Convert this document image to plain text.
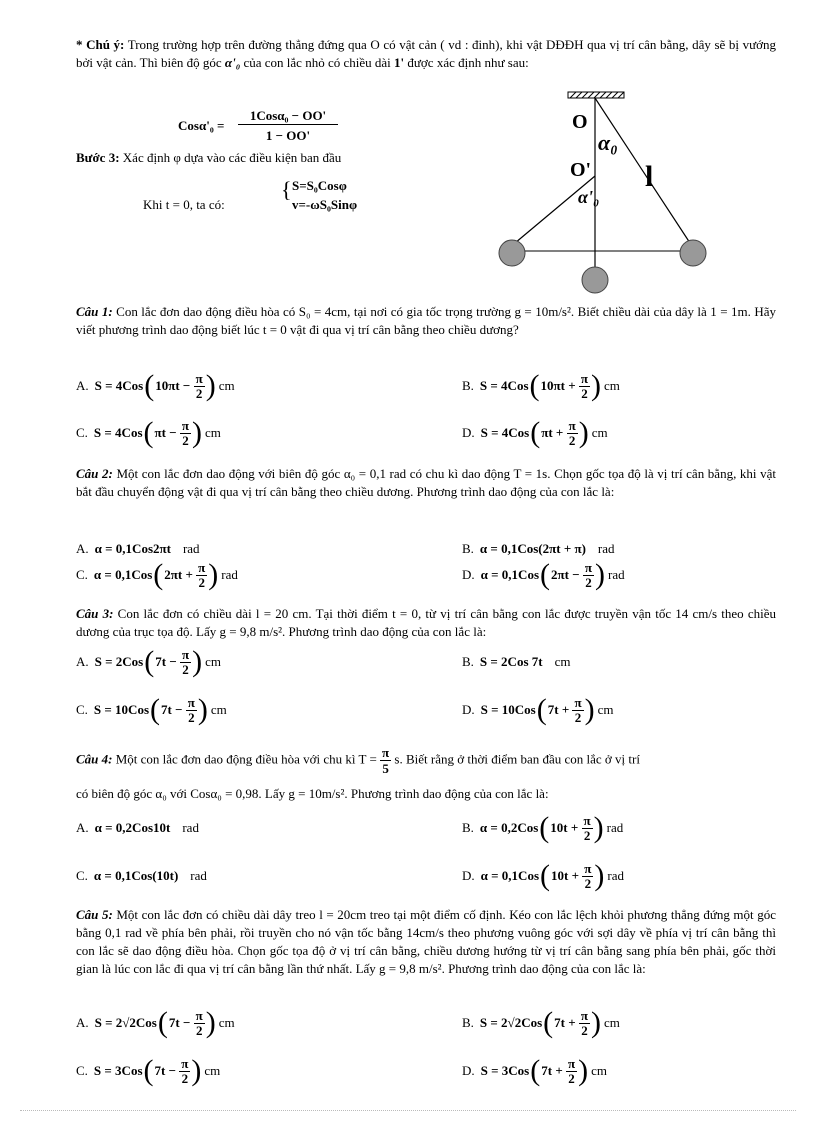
* Chú ý: Trong trường hợp trên đường thẳng đứng qua O có vật cản ( vd : đinh), khi vật DĐĐH qua vị trí cân bằng, dây sẽ bị vướng bởi vật cản. Thì biên độ góc α'₀ của con lắc nhỏ có chiều dài 1' được xác định như sau:
Cosα'₀ =
1Cosα₀ − OO'
1 − OO'
Bước 3: Xác định φ dựa vào các điều kiện ban đầu
Khi t = 0, ta có:
{ S=S₀Cosφ
v=-ωS₀Sinφ
O
O'
α₀
α'₀
l
Câu 1: Con lắc đơn dao động điều hòa có S₀ = 4cm, tại nơi có gia tốc trọng trường g = 10m/s². Biết chiều dài của dây là 1 = 1m. Hãy viết phương trình dao động biết lúc t = 0 vật đi qua vị trí cân bằng theo chiều dương?
Câu 2: Một con lắc đơn dao động với biên độ góc α₀ = 0,1 rad có chu kì dao động T = 1s. Chọn gốc tọa độ là vị trí cân bằng, khi vật bắt đầu chuyển động vật đi qua vị trí cân bằng theo chiều dương. Phương trình dao động của con lắc là:
Câu 3: Con lắc đơn có chiều dài l = 20 cm. Tại thời điểm t = 0, từ vị trí cân bằng con lắc được truyền vận tốc 14 cm/s theo chiều dương của trục tọa độ. Lấy g = 9,8 m/s². Phương trình dao động của con lắc là:
Câu 4: Một con lắc đơn dao động điều hòa với chu kì $T = \frac{\pi}{5} s$. Biết rằng ở thời điểm ban đầu con lắc ở vị trí
có biên độ góc α₀ với Cosα₀ = 0,98. Lấy g = 10m/s². Phương trình dao động của con lắc là:
Câu 5: Một con lắc đơn có chiều dài dây treo l = 20cm treo tại một điểm cố định. Kéo con lắc lệch khỏi phương thẳng đứng một góc bằng 0,1 rad về phía bên phải, rồi truyền cho nó vận tốc bằng 14cm/s theo phương vuông góc với sợi dây về phía vị trí cân bằng thì con lắc sẽ dao động điều hòa. Chọn gốc tọa độ ở vị trí cân bằng, chiều dương hướng từ vị trí cân bằng sang phía bên phải, gốc thời gian là lúc con lắc đi qua vị trí cân bằng lần thứ nhất. Lấy g = 9,8 m/s². Phương trình dao động của con lắc là:
A. S = 4Cos ( $10\pi t - \frac{\pi}{2}$ ) cm	B. S = 4Cos ( $10\pi t + \frac{\pi}{2}$ ) cm
C. S = 4Cos ( $\pi t - \frac{\pi}{2}$ ) cm	D. S = 4Cos ( $\pi t + \frac{\pi}{2}$ ) cm
A. α = 0,1Cos2πt rad	B. α = 0,1Cos(2πt + π) rad
C. α = 0,1Cos ( $2\pi t + \frac{\pi}{2}$ ) rad	D. α = 0,1Cos ( $2\pi t - \frac{\pi}{2}$ ) rad
A. S = 2Cos ( $7t - \frac{\pi}{2}$ ) cm	B. S = 2Cos 7t cm
C. S = 10Cos ( $7t - \frac{\pi}{2}$ ) cm	D. S = 10Cos ( $7t + \frac{\pi}{2}$ ) cm
A. α = 0,2Cos10t rad	B. α = 0,2Cos ( $10t + \frac{\pi}{2}$ ) rad
C. α = 0,1Cos(10t) rad	D. α = 0,1Cos ( $10t + \frac{\pi}{2}$ ) rad
A. S = 2√2Cos ( $7t - \frac{\pi}{2}$ ) cm	B. S = 2√2Cos ( $7t + \frac{\pi}{2}$ ) cm
C. S = 3Cos ( $7t - \frac{\pi}{2}$ ) cm	D. S = 3Cos ( $7t + \frac{\pi}{2}$ ) cm
